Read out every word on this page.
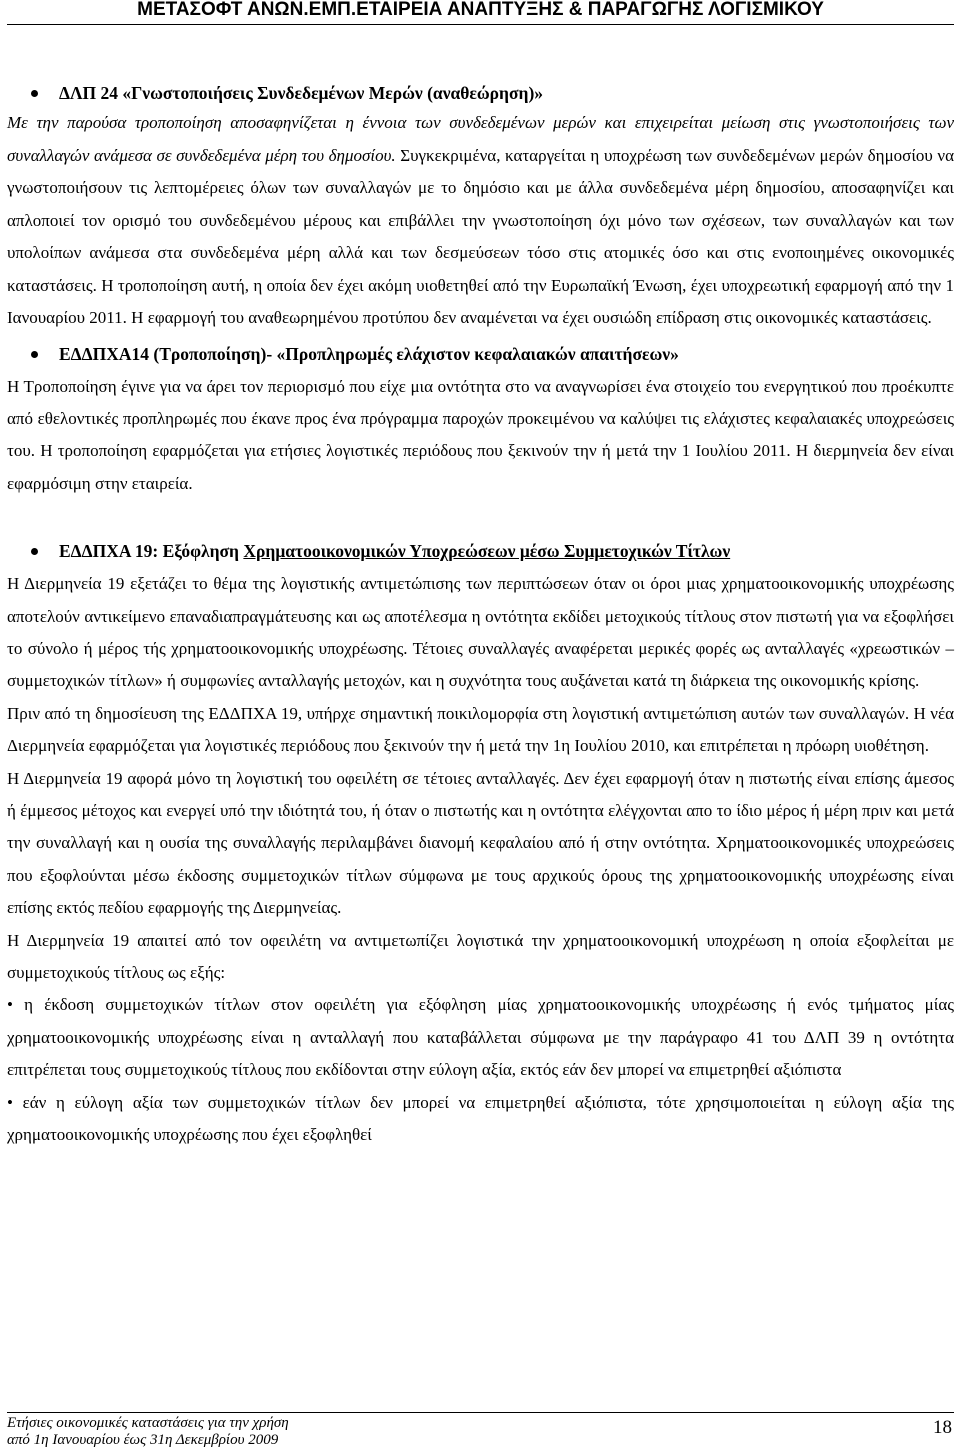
ΜΕΤΑΣΟΦΤ ΑΝΩΝ.ΕΜΠ.ΕΤΑΙΡΕΙΑ ΑΝΑΠΤΥΞΗΣ & ΠΑΡΑΓΩΓΗΣ ΛΟΓΙΣΜΙΚΟΥ
ΔΛΠ 24 «Γνωστοποιήσεις Συνδεδεμένων Μερών (αναθεώρηση)»

Με την παρούσα τροποποίηση αποσαφηνίζεται η έννοια των συνδεδεμένων μερών και επιχειρείται μείωση στις γνωστοποιήσεις των συναλλαγών ανάμεσα σε συνδεδεμένα μέρη του δημοσίου. Συγκεκριμένα, καταργείται η υποχρέωση των συνδεδεμένων μερών δημοσίου να γνωστοποιήσουν τις λεπτομέρειες όλων των συναλλαγών με το δημόσιο και με άλλα συνδεδεμένα μέρη δημοσίου, αποσαφηνίζει και απλοποιεί τον ορισμό του συνδεδεμένου μέρους και επιβάλλει την γνωστοποίηση όχι μόνο των σχέσεων, των συναλλαγών και των υπολοίπων ανάμεσα στα συνδεδεμένα μέρη αλλά και των δεσμεύσεων τόσο στις ατομικές όσο και στις ενοποιημένες οικονομικές καταστάσεις. Η τροποποίηση αυτή, η οποία δεν έχει ακόμη υιοθετηθεί από την Ευρωπαϊκή Ένωση, έχει υποχρεωτική εφαρμογή από την 1 Ιανουαρίου 2011. Η εφαρμογή του αναθεωρημένου προτύπου δεν αναμένεται να έχει ουσιώδη επίδραση στις οικονομικές καταστάσεις.

ΕΔΔΠΧΑ14 (Τροποποίηση)- «Προπληρωμές ελάχιστον κεφαλαιακών απαιτήσεων»

Η Τροποποίηση έγινε για να άρει τον περιορισμό που είχε μια οντότητα στο να αναγνωρίσει ένα στοιχείο του ενεργητικού που προέκυπτε από εθελοντικές προπληρωμές που έκανε προς ένα πρόγραμμα παροχών προκειμένου να καλύψει τις ελάχιστες κεφαλαιακές υποχρεώσεις του. Η τροποποίηση εφαρμόζεται για ετήσιες λογιστικές περιόδους που ξεκινούν την ή μετά την 1 Ιουλίου 2011. Η διερμηνεία δεν είναι εφαρμόσιμη στην εταιρεία.

ΕΔΔΠΧΑ 19: Εξόφληση Χρηματοοικονομικών Υποχρεώσεων μέσω Συμμετοχικών Τίτλων

Η Διερμηνεία 19 εξετάζει το θέμα της λογιστικής αντιμετώπισης των περιπτώσεων όταν οι όροι μιας χρηματοοικονομικής υποχρέωσης αποτελούν αντικείμενο επαναδιαπραγμάτευσης και ως αποτέλεσμα η οντότητα εκδίδει μετοχικούς τίτλους στον πιστωτή για να εξοφλήσει το σύνολο ή μέρος τής χρηματοοικονομικής υποχρέωσης. Τέτοιες συναλλαγές αναφέρεται μερικές φορές ως ανταλλαγές «χρεωστικών – συμμετοχικών τίτλων» ή συμφωνίες ανταλλαγής μετοχών, και η συχνότητα τους αυξάνεται κατά τη διάρκεια της οικονομικής κρίσης.

Πριν από τη δημοσίευση της ΕΔΔΠΧΑ 19, υπήρχε σημαντική ποικιλομορφία στη λογιστική αντιμετώπιση αυτών των συναλλαγών. Η νέα Διερμηνεία εφαρμόζεται για λογιστικές περιόδους που ξεκινούν την ή μετά την 1η Ιουλίου 2010, και επιτρέπεται η πρόωρη υιοθέτηση.

Η Διερμηνεία 19 αφορά μόνο τη λογιστική του οφειλέτη σε τέτοιες ανταλλαγές. Δεν έχει εφαρμογή όταν η πιστωτής είναι επίσης άμεσος ή έμμεσος μέτοχος και ενεργεί υπό την ιδιότητά του, ή όταν ο πιστωτής και η οντότητα ελέγχονται απο το ίδιο μέρος ή μέρη πριν και μετά την συναλλαγή και η ουσία της συναλλαγής περιλαμβάνει διανομή κεφαλαίου από ή στην οντότητα. Χρηματοοικονομικές υποχρεώσεις που εξοφλούνται μέσω έκδοσης συμμετοχικών τίτλων σύμφωνα με τους αρχικούς όρους της χρηματοοικονομικής υποχρέωσης είναι επίσης εκτός πεδίου εφαρμογής της Διερμηνείας.

Η Διερμηνεία 19 απαιτεί από τον οφειλέτη να αντιμετωπίζει λογιστικά την χρηματοοικονομική υποχρέωση η οποία εξοφλείται με συμμετοχικούς τίτλους ως εξής:

• η έκδοση συμμετοχικών τίτλων στον οφειλέτη για εξόφληση μίας χρηματοοικονομικής υποχρέωσης ή ενός τμήματος μίας χρηματοοικονομικής υποχρέωσης είναι η ανταλλαγή που καταβάλλεται σύμφωνα με την παράγραφο 41 του ΔΛΠ 39 η οντότητα επιτρέπεται τους συμμετοχικούς τίτλους που εκδίδονται στην εύλογη αξία, εκτός εάν δεν μπορεί να επιμετρηθεί αξιόπιστα
• εάν η εύλογη αξία των συμμετοχικών τίτλων δεν μπορεί να επιμετρηθεί αξιόπιστα, τότε χρησιμοποιείται η εύλογη αξία της χρηματοοικονομικής υποχρέωσης που έχει εξοφληθεί
Ετήσιες οικονομικές καταστάσεις για την χρήση
από 1η Ιανουαρίου έως 31η Δεκεμβρίου 2009
18
